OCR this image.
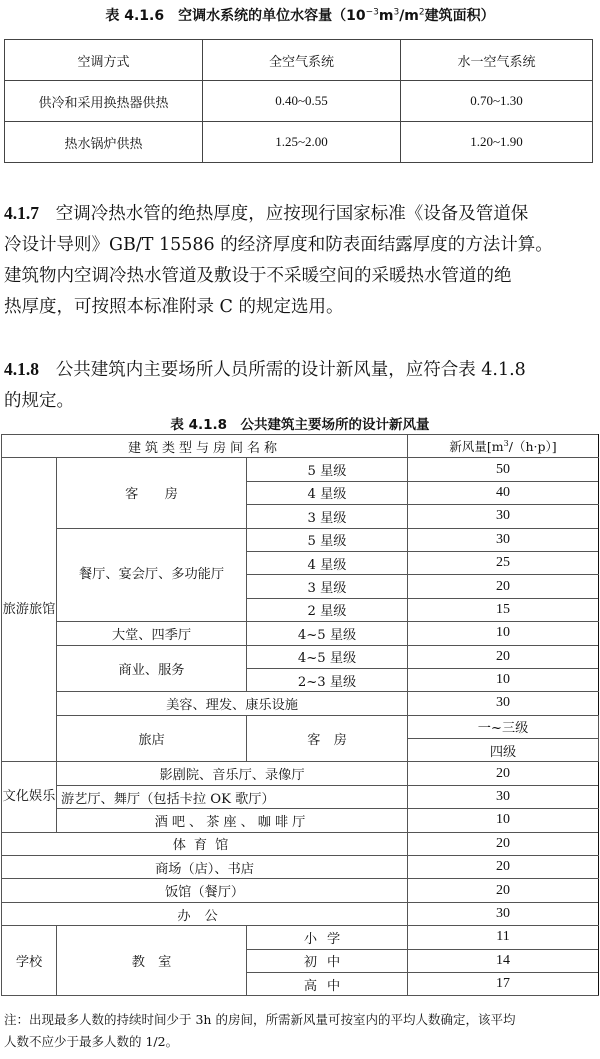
表 4.1.6　空调水系统的单位水容量（$10^{-3}m^3/m^2$建筑面积）
空调方式	全空气系统	水一空气系统
供冷和采用换热器供热	0.40~0.55	0.70~1.30
热水锅炉供热	1.25~2.00	1.20~1.90
4.1.7 空调冷热水管的绝热厚度，应按现行国家标准《设备及管道保
冷设计导则》GB/T 15586 的经济厚度和防表面结露厚度的方法计算。
建筑物内空调冷热水管道及敷设于不采暖空间的采暖热水管道的绝
热厚度，可按照本标准附录 C 的规定选用。
4.1.8 公共建筑内主要场所人员所需的设计新风量，应符合表 4.1.8
的规定。
表 4.1.8　公共建筑主要场所的设计新风量
建筑类型与房间名称			新风量$[m^3/(h\cdot p)]$	
旅游旅馆	客　　房	5 星级	50	
		4 星级	40	
		3 星级	30	
	餐厅、宴会厅、多功能厅	5 星级	30	
		4 星级	25	
		3 星级	20	
		2 星级	15	
	大堂、四季厅	4~5 星级	10	
	商业、服务	4~5 星级	20	
		2~3 星级	10	
	美容、理发、康乐设施		30	
	旅店	客　房	一~三级	
			四级	
文化娱乐	影剧院、音乐厅、录像厅		20	
	游艺厅、舞厅（包括卡拉 OK 歌厅）		30	
	酒吧、茶座、咖啡厅		10	
体育馆			20	
商场（店）、书店			20	
饭馆（餐厅）			20	
办公			30	
学校	教　室	小学	11	
		初中	14	
		高中	17	
注：出现最多人数的持续时间少于 3h 的房间，所需新风量可按室内的平均人数确定，该平均
人数不应少于最多人数的 1/2。
